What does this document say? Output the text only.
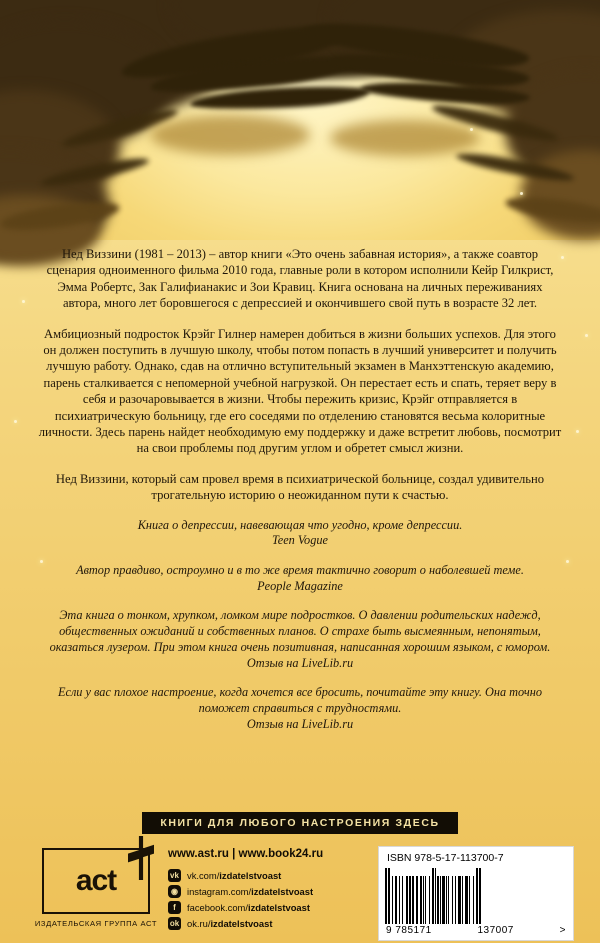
Нед Виззини (1981 – 2013) – автор книги «Это очень забавная история», а также соавтор сценария одноименного фильма 2010 года, главные роли в котором исполнили Кейр Гилкрист, Эмма Робертс, Зак Галифианакис и Зои Кравиц. Книга основана на личных переживаниях автора, много лет боровшегося с депрессией и окончившего свой путь в возрасте 32 лет.

Амбициозный подросток Крэйг Гилнер намерен добиться в жизни больших успехов. Для этого он должен поступить в лучшую школу, чтобы потом попасть в лучший университет и получить лучшую работу. Однако, сдав на отлично вступительный экзамен в Манхэттенскую академию, парень сталкивается с непомерной учебной нагрузкой. Он перестает есть и спать, теряет веру в себя и разочаровывается в жизни. Чтобы пережить кризис, Крэйг отправляется в психиатрическую больницу, где его соседями по отделению становятся весьма колоритные личности. Здесь парень найдет необходимую ему поддержку и даже встретит любовь, посмотрит на свои проблемы под другим углом и обретет смысл жизни.

Нед Виззини, который сам провел время в психиатрической больнице, создал удивительно трогательную историю о неожиданном пути к счастью.

Книга о депрессии, навевающая что угодно, кроме депрессии.

Teen Vogue

Автор правдиво, остроумно и в то же время тактично говорит о наболевшей теме.

People Magazine

Эта книга о тонком, хрупком, ломком мире подростков. О давлении родительских надежд, общественных ожиданий и собственных планов. О страхе быть высмеянным, непонятым, оказаться лузером. При этом книга очень позитивная, написанная хорошим языком, с юмором.

Отзыв на LiveLib.ru

Если у вас плохое настроение, когда хочется все бросить, почитайте эту книгу. Она точно поможет справиться с трудностями.

Отзыв на LiveLib.ru

КНИГИ ДЛЯ ЛЮБОГО НАСТРОЕНИЯ ЗДЕСЬ
act
ИЗДАТЕЛЬСКАЯ ГРУППА АСТ
www.ast.ru | www.book24.ru
vk vk.com/izdatelstvoast
◉ instagram.com/izdatelstvoast
f	facebook.com/izdatelstvoast
ok ok.ru/izdatelstvoast
ISBN 978-5-17-113700-7
9 785171	137007	>
